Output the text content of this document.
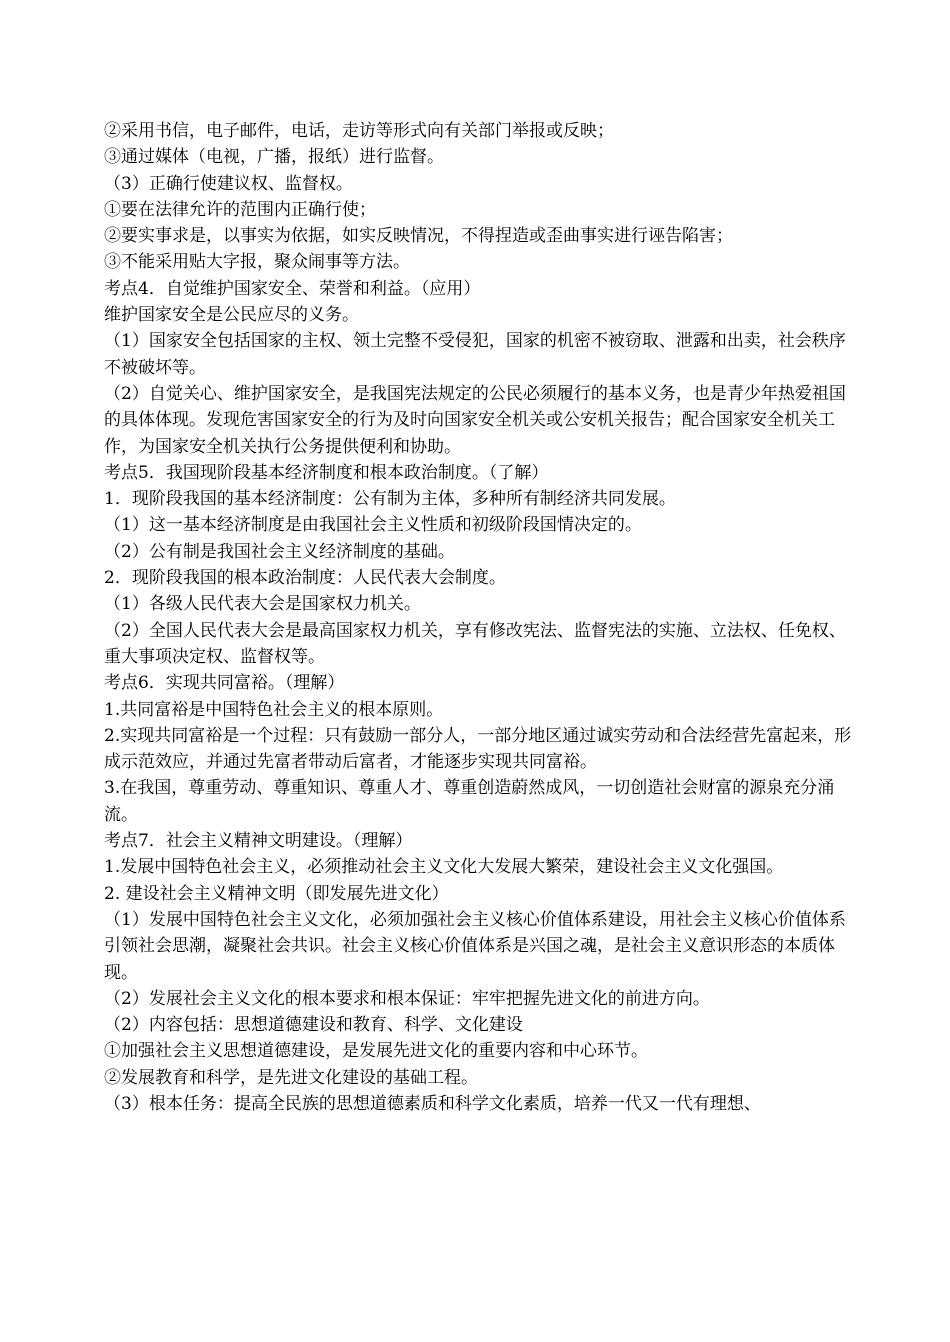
②采用书信，电子邮件，电话，走访等形式向有关部门举报或反映；

③通过媒体（电视，广播，报纸）进行监督。

（3）正确行使建议权、监督权。

①要在法律允许的范围内正确行使；

②要实事求是，以事实为依据，如实反映情况，不得捏造或歪曲事实进行诬告陷害；

③不能采用贴大字报，聚众闹事等方法。

考点4．自觉维护国家安全、荣誉和利益。（应用）

维护国家安全是公民应尽的义务。

（1）国家安全包括国家的主权、领土完整不受侵犯，国家的机密不被窃取、泄露和出卖，社会秩序不被破坏等。

（2）自觉关心、维护国家安全，是我国宪法规定的公民必须履行的基本义务，也是青少年热爱祖国的具体体现。发现危害国家安全的行为及时向国家安全机关或公安机关报告；配合国家安全机关工作，为国家安全机关执行公务提供便利和协助。

考点5．我国现阶段基本经济制度和根本政治制度。（了解）

1．现阶段我国的基本经济制度：公有制为主体，多种所有制经济共同发展。

（1）这一基本经济制度是由我国社会主义性质和初级阶段国情决定的。

（2）公有制是我国社会主义经济制度的基础。

2．现阶段我国的根本政治制度：人民代表大会制度。

（1）各级人民代表大会是国家权力机关。

（2）全国人民代表大会是最高国家权力机关，享有修改宪法、监督宪法的实施、立法权、任免权、重大事项决定权、监督权等。

考点6．实现共同富裕。（理解）

1.共同富裕是中国特色社会主义的根本原则。

2.实现共同富裕是一个过程：只有鼓励一部分人，一部分地区通过诚实劳动和合法经营先富起来，形成示范效应，并通过先富者带动后富者，才能逐步实现共同富裕。

3.在我国，尊重劳动、尊重知识、尊重人才、尊重创造蔚然成风，一切创造社会财富的源泉充分涌流。

考点7．社会主义精神文明建设。（理解）

1.发展中国特色社会主义，必须推动社会主义文化大发展大繁荣，建设社会主义文化强国。

2. 建设社会主义精神文明（即发展先进文化）

（1）发展中国特色社会主义文化，必须加强社会主义核心价值体系建设，用社会主义核心价值体系引领社会思潮，凝聚社会共识。社会主义核心价值体系是兴国之魂，是社会主义意识形态的本质体现。

（2）发展社会主义文化的根本要求和根本保证：牢牢把握先进文化的前进方向。

（2）内容包括：思想道德建设和教育、科学、文化建设

①加强社会主义思想道德建设，是发展先进文化的重要内容和中心环节。

②发展教育和科学，是先进文化建设的基础工程。

（3）根本任务：提高全民族的思想道德素质和科学文化素质，培养一代又一代有理想、
